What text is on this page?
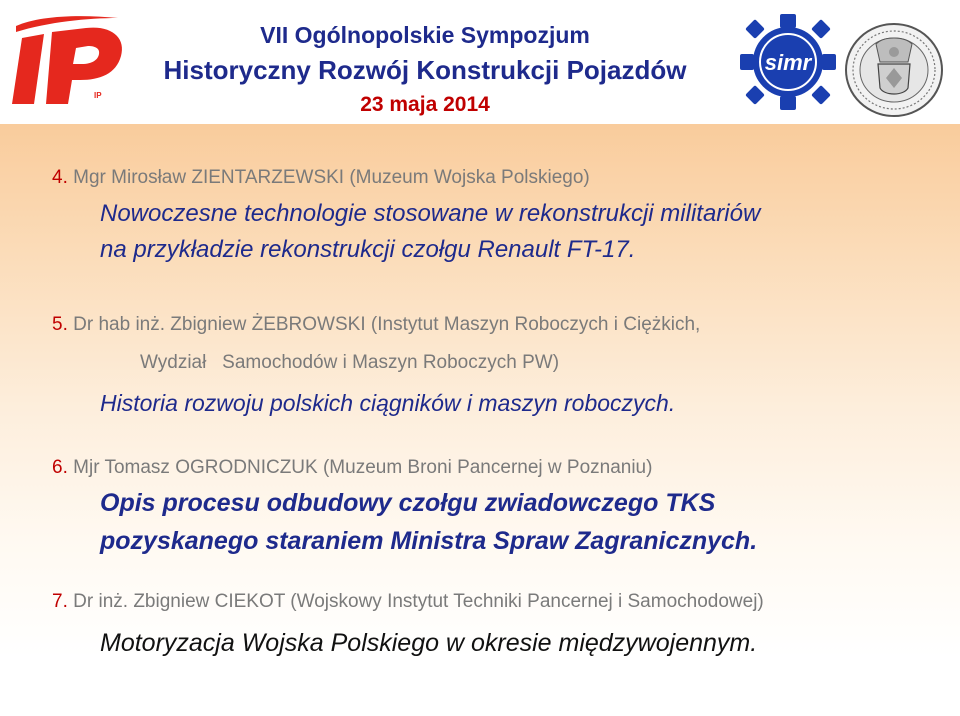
IP
VII Ogólnopolskie Sympozjum
Historyczny Rozwój Konstrukcji Pojazdów
23 maja 2014
simr
4. Mgr Mirosław ZIENTARZEWSKI (Muzeum Wojska Polskiego)
Nowoczesne technologie stosowane w rekonstrukcji militariów
na przykładzie rekonstrukcji czołgu Renault FT-17.
5. Dr hab inż. Zbigniew ŻEBROWSKI (Instytut Maszyn Roboczych i Ciężkich,
Wydział   Samochodów i Maszyn Roboczych PW)
Historia rozwoju polskich ciągników i maszyn roboczych.
6. Mjr Tomasz OGRODNICZUK (Muzeum Broni Pancernej w Poznaniu)
Opis procesu odbudowy czołgu zwiadowczego TKS
pozyskanego staraniem Ministra Spraw Zagranicznych.
7. Dr inż. Zbigniew CIEKOT (Wojskowy Instytut Techniki Pancernej i Samochodowej)
Motoryzacja Wojska Polskiego w okresie międzywojennym.
